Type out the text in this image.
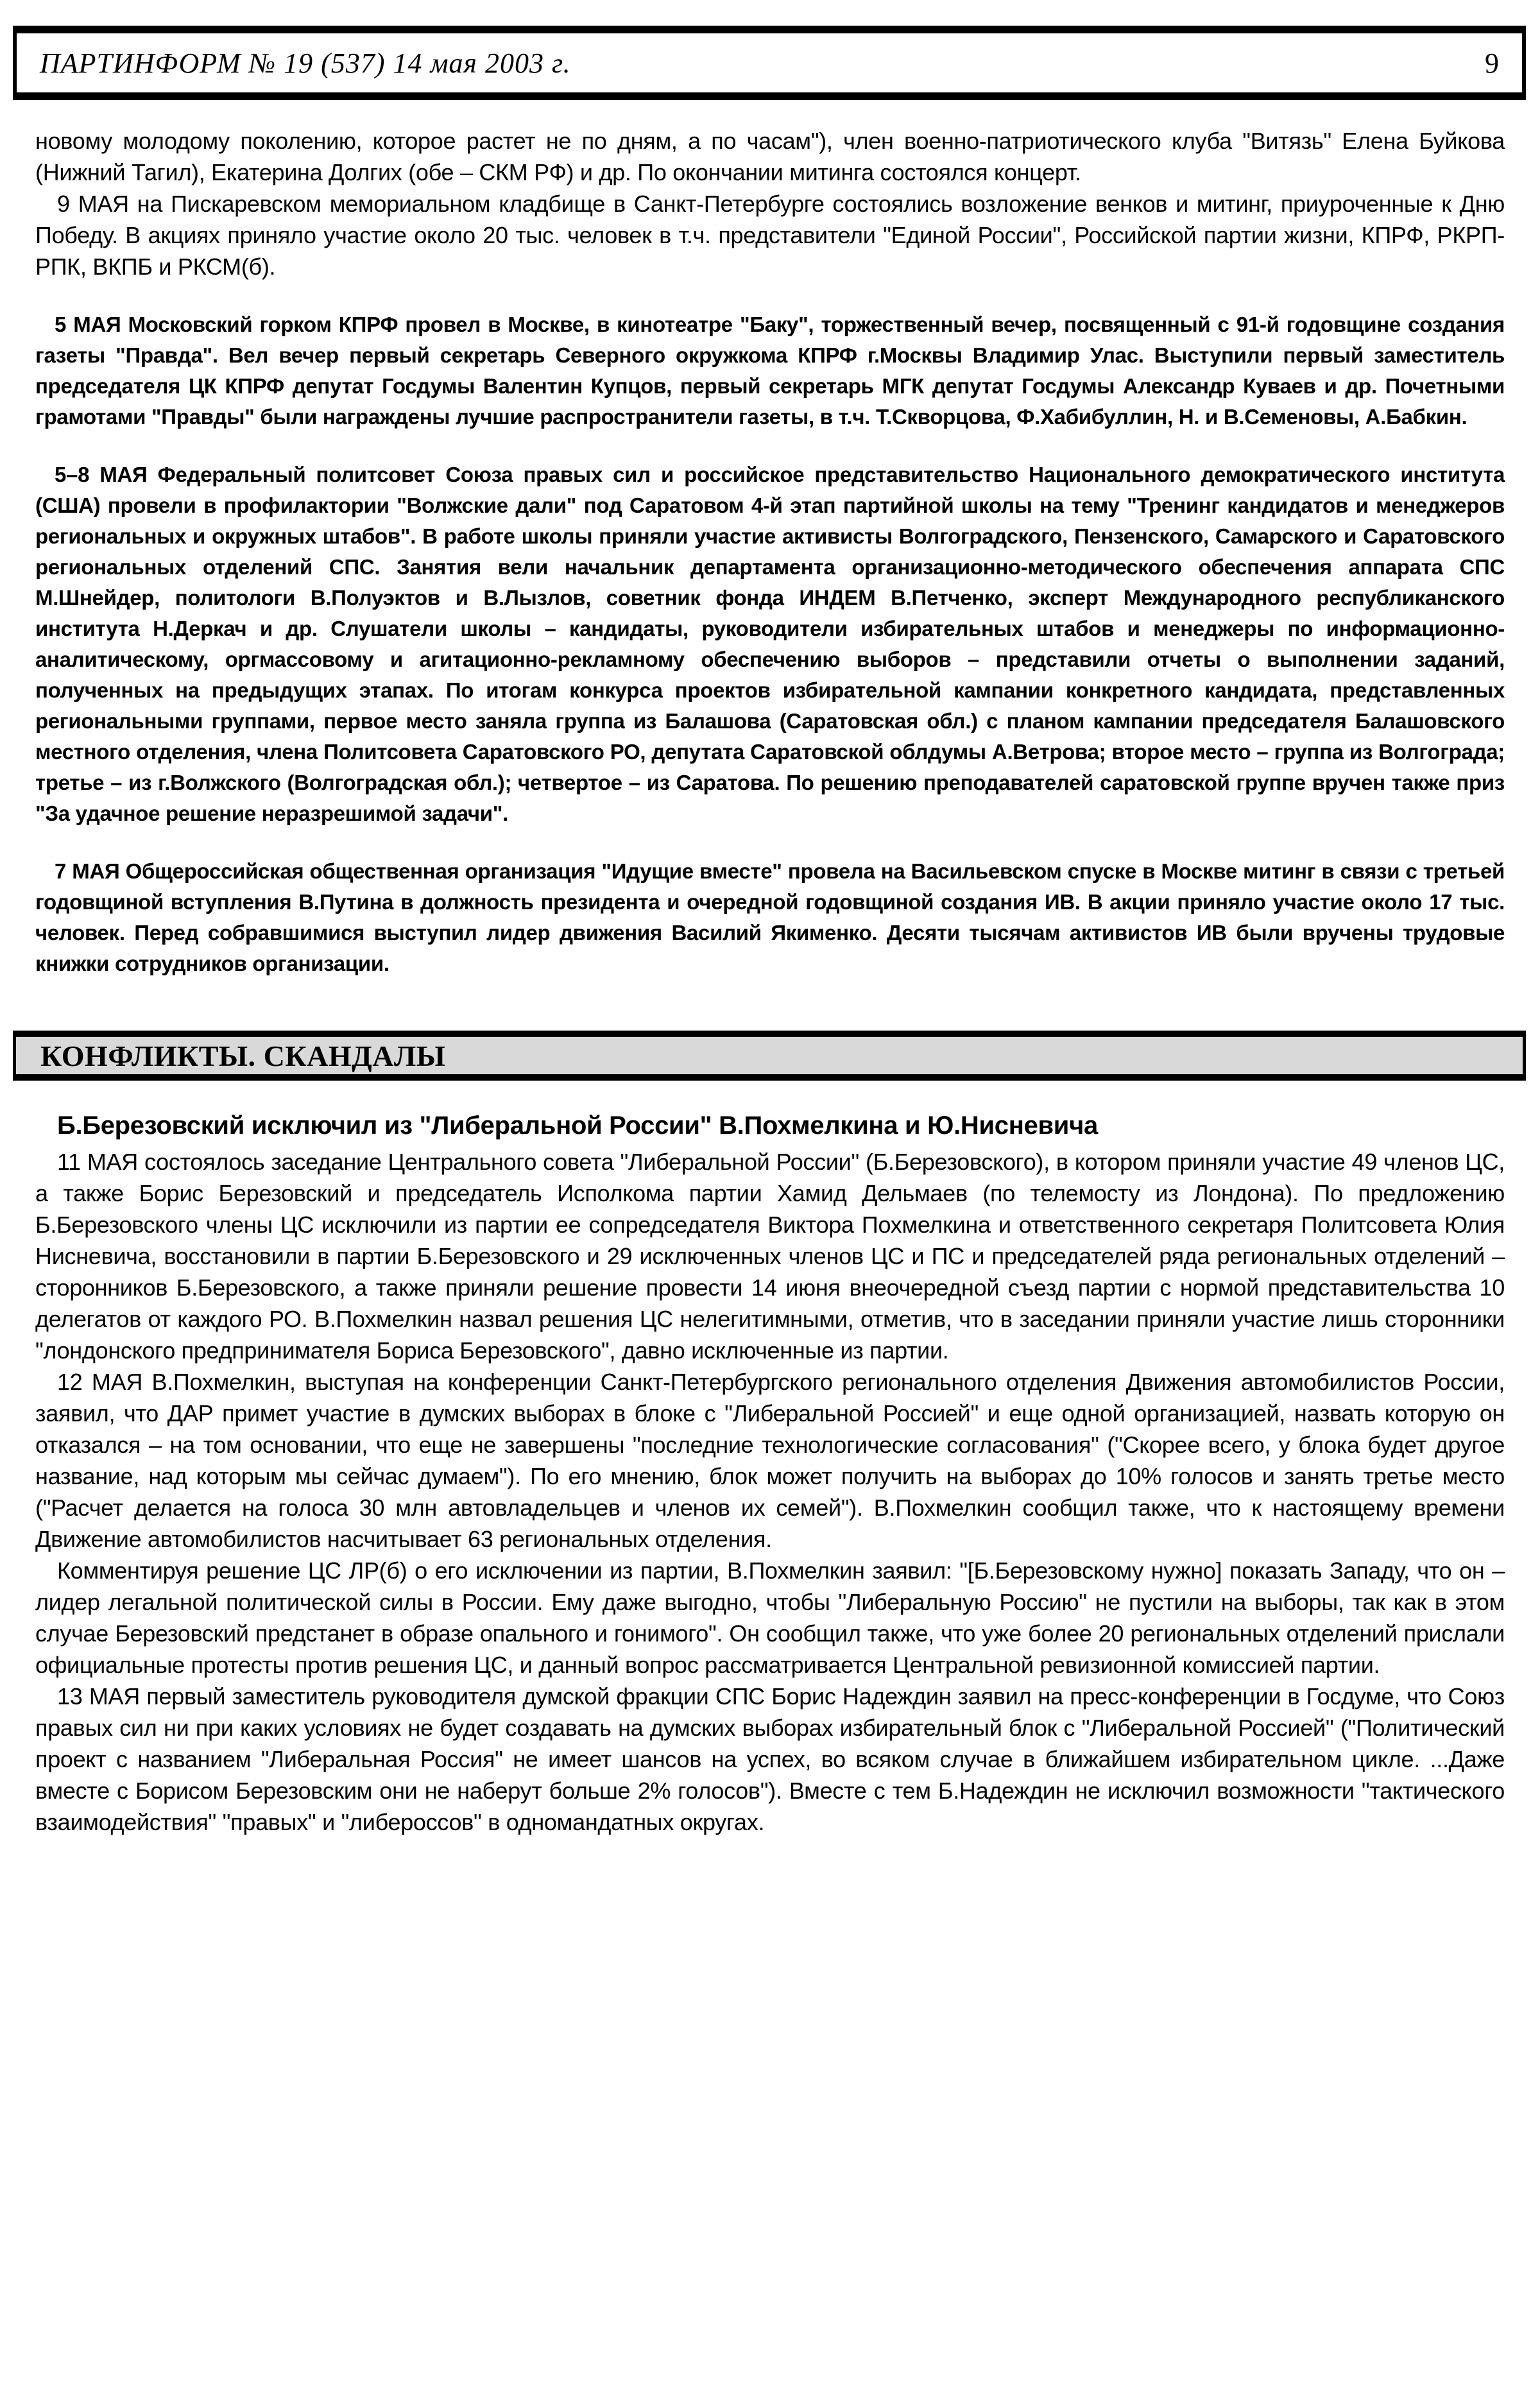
ПАРТИНФОРМ № 19 (537) 14 мая 2003 г.	9

новому молодому поколению, которое растет не по дням, а по часам"), член военно-патриотического клуба "Витязь" Елена Буйкова (Нижний Тагил), Екатерина Долгих (обе – СКМ РФ) и др. По окончании митинга состоялся концерт.

9 МАЯ на Пискаревском мемориальном кладбище в Санкт-Петербурге состоялись возложение венков и митинг, приуроченные к Дню Победу. В акциях приняло участие около 20 тыс. человек в т.ч. представители "Единой России", Российской партии жизни, КПРФ, РКРП-РПК, ВКПБ и РКСМ(б).

5 МАЯ Московский горком КПРФ провел в Москве, в кинотеатре "Баку", торжественный вечер, посвященный с 91-й годовщине создания газеты "Правда". Вел вечер первый секретарь Северного окружкома КПРФ г.Москвы Владимир Улас. Выступили первый заместитель председателя ЦК КПРФ депутат Госдумы Валентин Купцов, первый секретарь МГК депутат Госдумы Александр Куваев и др. Почетными грамотами "Правды" были награждены лучшие распространители газеты, в т.ч. Т.Скворцова, Ф.Хабибуллин, Н. и В.Семеновы, А.Бабкин.

5–8 МАЯ Федеральный политсовет Союза правых сил и российское представительство Национального демократического института (США) провели в профилактории "Волжские дали" под Саратовом 4-й этап партийной школы на тему "Тренинг кандидатов и менеджеров региональных и окружных штабов". В работе школы приняли участие активисты Волгоградского, Пензенского, Самарского и Саратовского региональных отделений СПС. Занятия вели начальник департамента организационно-методического обеспечения аппарата СПС М.Шнейдер, политологи В.Полуэктов и В.Лызлов, советник фонда ИНДЕМ В.Петченко, эксперт Международного республиканского института Н.Деркач и др. Слушатели школы – кандидаты, руководители избирательных штабов и менеджеры по информационно-аналитическому, оргмассовому и агитационно-рекламному обеспечению выборов – представили отчеты о выполнении заданий, полученных на предыдущих этапах. По итогам конкурса проектов избирательной кампании конкретного кандидата, представленных региональными группами, первое место заняла группа из Балашова (Саратовская обл.) с планом кампании председателя Балашовского местного отделения, члена Политсовета Саратовского РО, депутата Саратовской облдумы А.Ветрова; второе место – группа из Волгограда; третье – из г.Волжского (Волгоградская обл.); четвертое – из Саратова. По решению преподавателей саратовской группе вручен также приз "За удачное решение неразрешимой задачи".

7 МАЯ Общероссийская общественная организация "Идущие вместе" провела на Васильевском спуске в Москве митинг в связи с третьей годовщиной вступления В.Путина в должность президента и очередной годовщиной создания ИВ. В акции приняло участие около 17 тыс. человек. Перед собравшимися выступил лидер движения Василий Якименко. Десяти тысячам активистов ИВ были вручены трудовые книжки сотрудников организации.

КОНФЛИКТЫ. СКАНДАЛЫ

Б.Березовский исключил из "Либеральной России" В.Похмелкина и Ю.Нисневича

11 МАЯ состоялось заседание Центрального совета "Либеральной России" (Б.Березовского), в котором приняли участие 49 членов ЦС, а также Борис Березовский и председатель Исполкома партии Хамид Дельмаев (по телемосту из Лондона). По предложению Б.Березовского члены ЦС исключили из партии ее сопредседателя Виктора Похмелкина и ответственного секретаря Политсовета Юлия Нисневича, восстановили в партии Б.Березовского и 29 исключенных членов ЦС и ПС и председателей ряда региональных отделений – сторонников Б.Березовского, а также приняли решение провести 14 июня внеочередной съезд партии с нормой представительства 10 делегатов от каждого РО. В.Похмелкин назвал решения ЦС нелегитимными, отметив, что в заседании приняли участие лишь сторонники "лондонского предпринимателя Бориса Березовского", давно исключенные из партии.

12 МАЯ В.Похмелкин, выступая на конференции Санкт-Петербургского регионального отделения Движения автомобилистов России, заявил, что ДАР примет участие в думских выборах в блоке с "Либеральной Россией" и еще одной организацией, назвать которую он отказался – на том основании, что еще не завершены "последние технологические согласования" ("Скорее всего, у блока будет другое название, над которым мы сейчас думаем"). По его мнению, блок может получить на выборах до 10% голосов и занять третье место ("Расчет делается на голоса 30 млн автовладельцев и членов их семей"). В.Похмелкин сообщил также, что к настоящему времени Движение автомобилистов насчитывает 63 региональных отделения.

Комментируя решение ЦС ЛР(б) о его исключении из партии, В.Похмелкин заявил: "[Б.Березовскому нужно] показать Западу, что он – лидер легальной политической силы в России. Ему даже выгодно, чтобы "Либеральную Россию" не пустили на выборы, так как в этом случае Березовский предстанет в образе опального и гонимого". Он сообщил также, что уже более 20 региональных отделений прислали официальные протесты против решения ЦС, и данный вопрос рассматривается Центральной ревизионной комиссией партии.

13 МАЯ первый заместитель руководителя думской фракции СПС Борис Надеждин заявил на пресс-конференции в Госдуме, что Союз правых сил ни при каких условиях не будет создавать на думских выборах избирательный блок с "Либеральной Россией" ("Политический проект с названием "Либеральная Россия" не имеет шансов на успех, во всяком случае в ближайшем избирательном цикле. ...Даже вместе с Борисом Березовским они не наберут больше 2% голосов"). Вместе с тем Б.Надеждин не исключил возможности "тактического взаимодействия" "правых" и "либероссов" в одномандатных округах.
